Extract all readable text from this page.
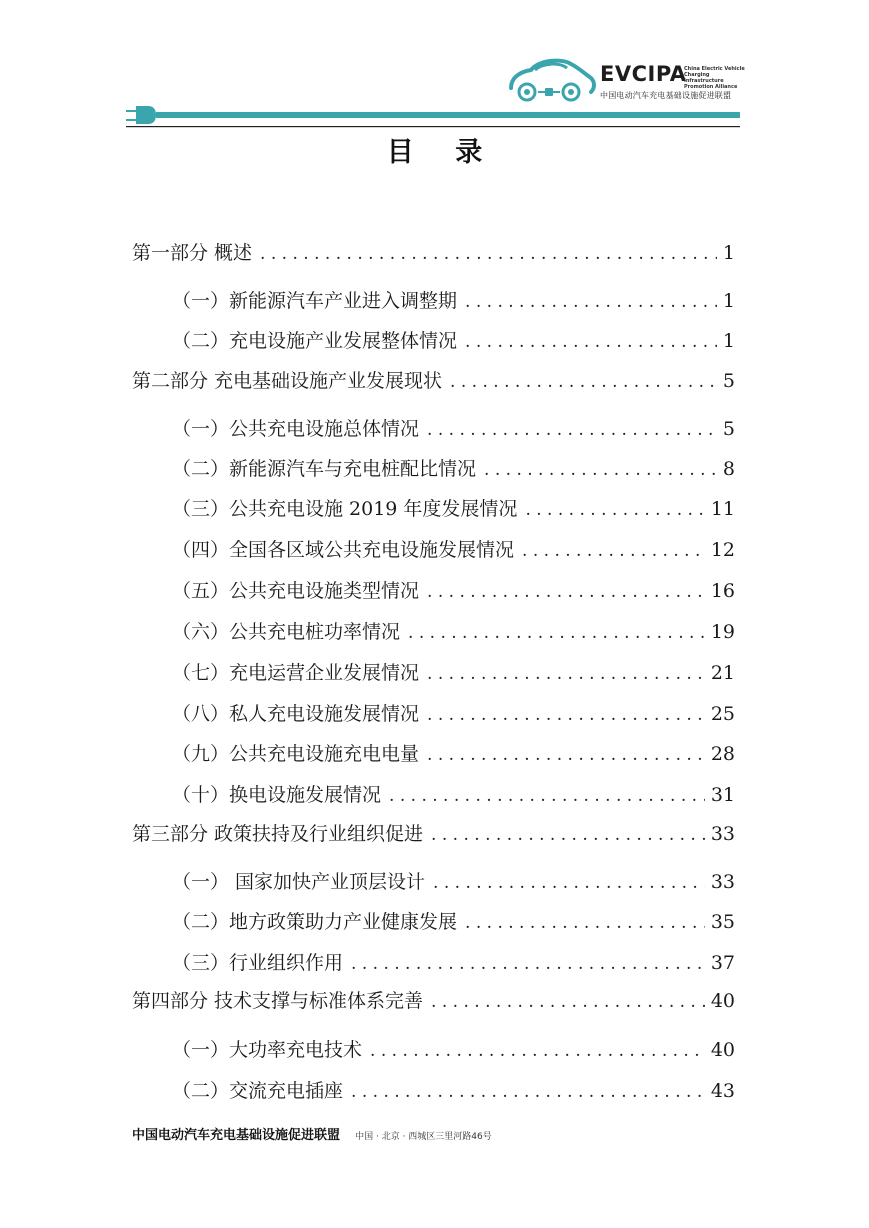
EVCIPA
China Electric Vehicle Charging Infrastructure Promotion Alliance
中国电动汽车充电基础设施促进联盟
目 录
第一部分 概述 . . .	1
（一）新能源汽车产业进入调整期 . . .	1
（二）充电设施产业发展整体情况 . . .	1
第二部分 充电基础设施产业发展现状 . . .	5
（一）公共充电设施总体情况 . . .	5
（二）新能源汽车与充电桩配比情况 . . .	8
（三）公共充电设施 2019 年度发展情况 . . .	11
（四）全国各区域公共充电设施发展情况 . . .	12
（五）公共充电设施类型情况 . . .	16
（六）公共充电桩功率情况 . . .	19
（七）充电运营企业发展情况 . . .	21
（八）私人充电设施发展情况 . . .	25
（九）公共充电设施充电电量 . . .	28
（十）换电设施发展情况 . . .	31
第三部分 政策扶持及行业组织促进 . . .	33
（一） 国家加快产业顶层设计 . . .	33
（二）地方政策助力产业健康发展 . . .	35
（三）行业组织作用 . . .	37
第四部分 技术支撑与标准体系完善 . . .	40
（一）大功率充电技术 . . .	40
（二）交流充电插座 . . .	43
中国电动汽车充电基础设施促进联盟 中国 · 北京 · 西城区三里河路46号
